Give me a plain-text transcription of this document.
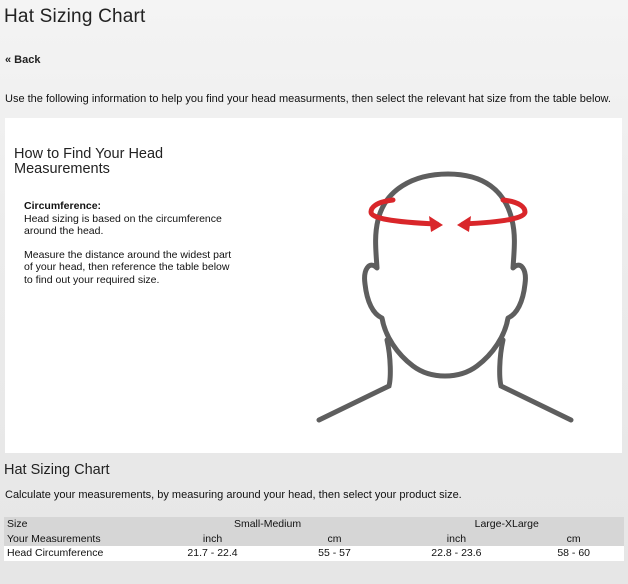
Hat Sizing Chart
« Back
Use the following information to help you find your head measurments, then select the relevant hat size from the table below.
How to Find Your Head Measurements
Circumference:

Head sizing is based on the circumference around the head.

Measure the distance around the widest part of your head, then reference the table below to find out your required size.

Hat Sizing Chart
Calculate your measurements, by measuring around your head, then select your product size.
Size	Small-Medium		Large-XLarge	
Your Measurements	inch	cm	inch	cm
Head Circumference	21.7 - 22.4	55 - 57	22.8 - 23.6	58 - 60
